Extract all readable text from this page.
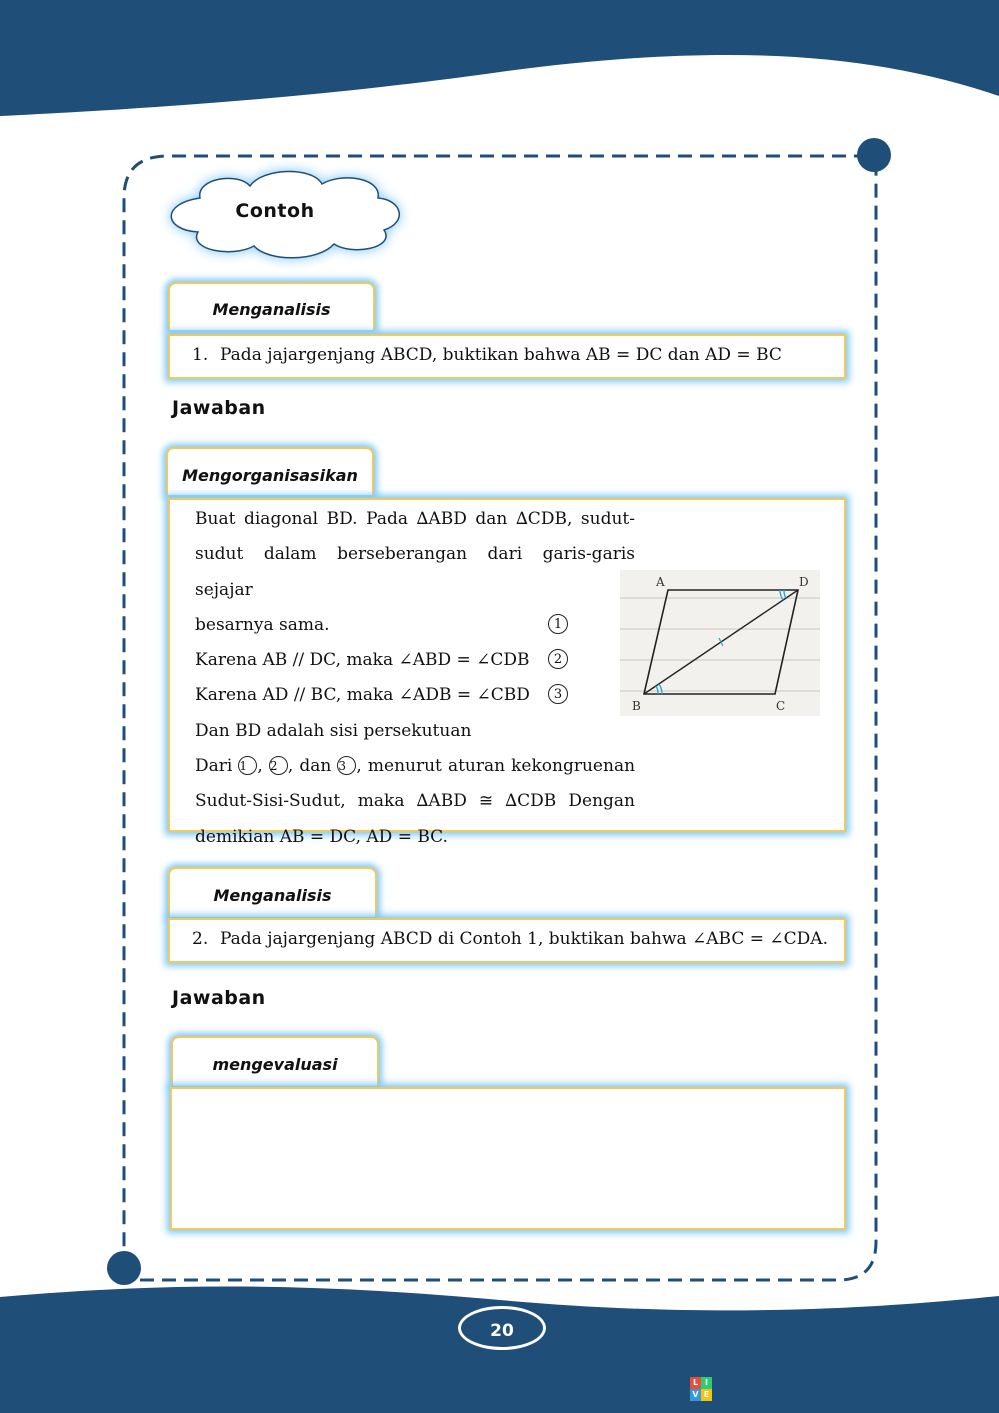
Contoh
Menganalisis
1. Pada jajargenjang ABCD, buktikan bahwa AB = DC dan AD = BC
Jawaban
Mengorganisasikan
Buat diagonal BD. Pada ∆ABD dan ∆CDB, sudut-
sudut dalam berseberangan dari garis-garis sejajar
besarnya sama.
Karena AB // DC, maka ∠ABD = ∠CDB
Karena AD // BC, maka ∠ADB = ∠CBD
Dan BD adalah sisi persekutuan
Dari 1 , 2 , dan 3 , menurut aturan kekongruenan
Sudut-Sisi-Sudut, maka ∆ABD ≅ ∆CDB Dengan
demikian AB = DC, AD = BC.
1
2
3
A	D
B	C
Menganalisis
2. Pada jajargenjang ABCD di Contoh 1, buktikan bahwa ∠ABC = ∠CDA.
Jawaban
mengevaluasi
20
L I
V E LIVEWORKSHEETS
